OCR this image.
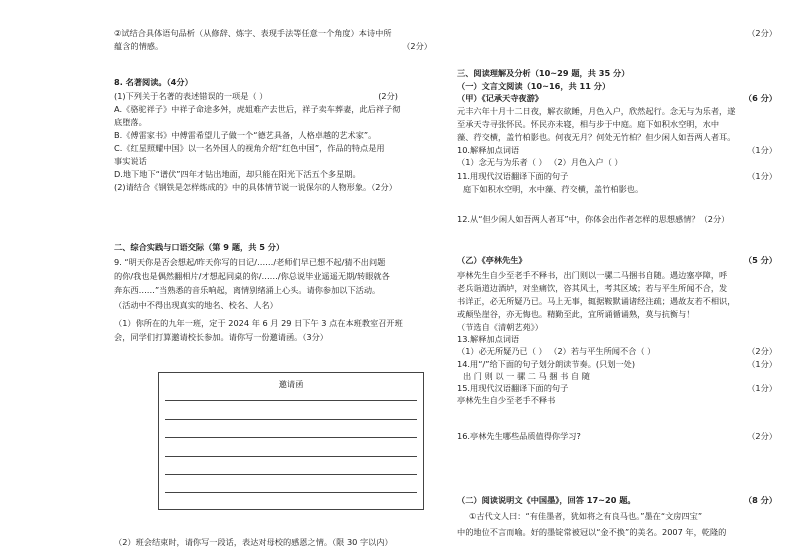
②试结合具体语句品析（从修辞、炼字、表现手法等任意一个角度）本诗中所
蕴含的情感。	（2分）
8. 名著阅读。（4分）
(1)下列关于名著的表述错误的一项是（ ）	(2分)
A.《骆驼祥子》中祥子命途多舛，虎姐难产去世后，祥子卖车葬妻，此后祥子彻
底堕落。
B.《傅雷家书》中傅雷希望儿子做一个“德艺具备，人格卓越的艺术家”。
C.《红星照耀中国》以一名外国人的视角介绍“红色中国”，作品的特点是用
事实说话
D.地下地下“谱伏”四年才钻出地面，却只能在阳光下活五个多星期。
(2)请结合《钢铁是怎样炼成的》中的具体情节说一说保尔的人物形象。（2分）
二、综合实践与口语交际（第 9 题，共 5 分）
9. “明天你是否会想起/昨天你写的日记/……/老师们早已想不起/猜不出问题
的你/我也是偶然翻相片/才想起同桌的你/……/你总说毕业遥遥无期/转眼就各
奔东西……”当熟悉的音乐响起，离情别绪涌上心头。请你参加以下活动。
（活动中不得出现真实的地名、校名、人名）
（1）你所在的九年一班，定于 2024 年 6 月 29 日下午 3 点在本班教室召开班
会，同学们打算邀请校长参加。请你写一份邀请函。（3分）
邀请函
（2）班会结束时，请你写一段话，表达对母校的感恩之情。（限 30 字以内）
（2分）
三、阅读理解及分析（10~29 题，共 35 分）
（一）文言文阅读（10~16，共 11 分）
（甲）《记承天寺夜游》	（6 分）
元丰六年十月十二日夜，解衣欲睡，月色入户，欣然起行。念无与为乐者，遂
至承天寺寻张怀民。怀民亦未寝，相与步于中庭。庭下如积水空明，水中
藻、荇交横，盖竹柏影也。何夜无月？何处无竹柏？但少闲人如吾两人者耳。
10.解释加点词语	（1分）
（1）念无与为乐者（ ） （2）月色入户（ ）
11.用现代汉语翻译下面的句子	（1分）
庭下如积水空明，水中藻、荇交横，盖竹柏影也。
12.从“但少闲人如吾两人者耳”中，你体会出作者怎样的思想感情？（2分）
（乙）《亭林先生》	（5 分）
亭林先生自少至老手不释书，出门则以一骡二马捆书自随。遇边塞亭障，呼
老兵诣道边酒垆，对坐痛饮，咨其风土，考其区域；若与平生所闻不合，发
书详正，必无所疑乃已。马上无事，辄据鞍默诵诸经注疏；遇故友若不相识，
或颠坠崖谷，亦无悔也。精勤至此，宜所诵循诵熟，莫与抗衡与！
（节选自《清朝艺苑》）
13.解释加点词语
（1）必无所疑乃已（ ） （2）若与平生所闻不合（ ）	（2分）
14.用“/”给下面的句子划分朗读节奏。(只划一处)	（1分）
出 门 则 以 一 骡 二 马 捆 书 自 随
15.用现代汉语翻译下面的句子	（1分）
亭林先生自少至老手不释书
16.亭林先生哪些品质值得你学习?	（2分）
（二）阅读说明文《中国墨》，回答 17~20 题。	（8 分）
①古代文人曰：“有佳墨者，犹如将之有良马也。”墨在“文房四宝”
中的地位不言而喻。好的墨锭常被冠以“金不换”的美名。2007 年，乾隆的
